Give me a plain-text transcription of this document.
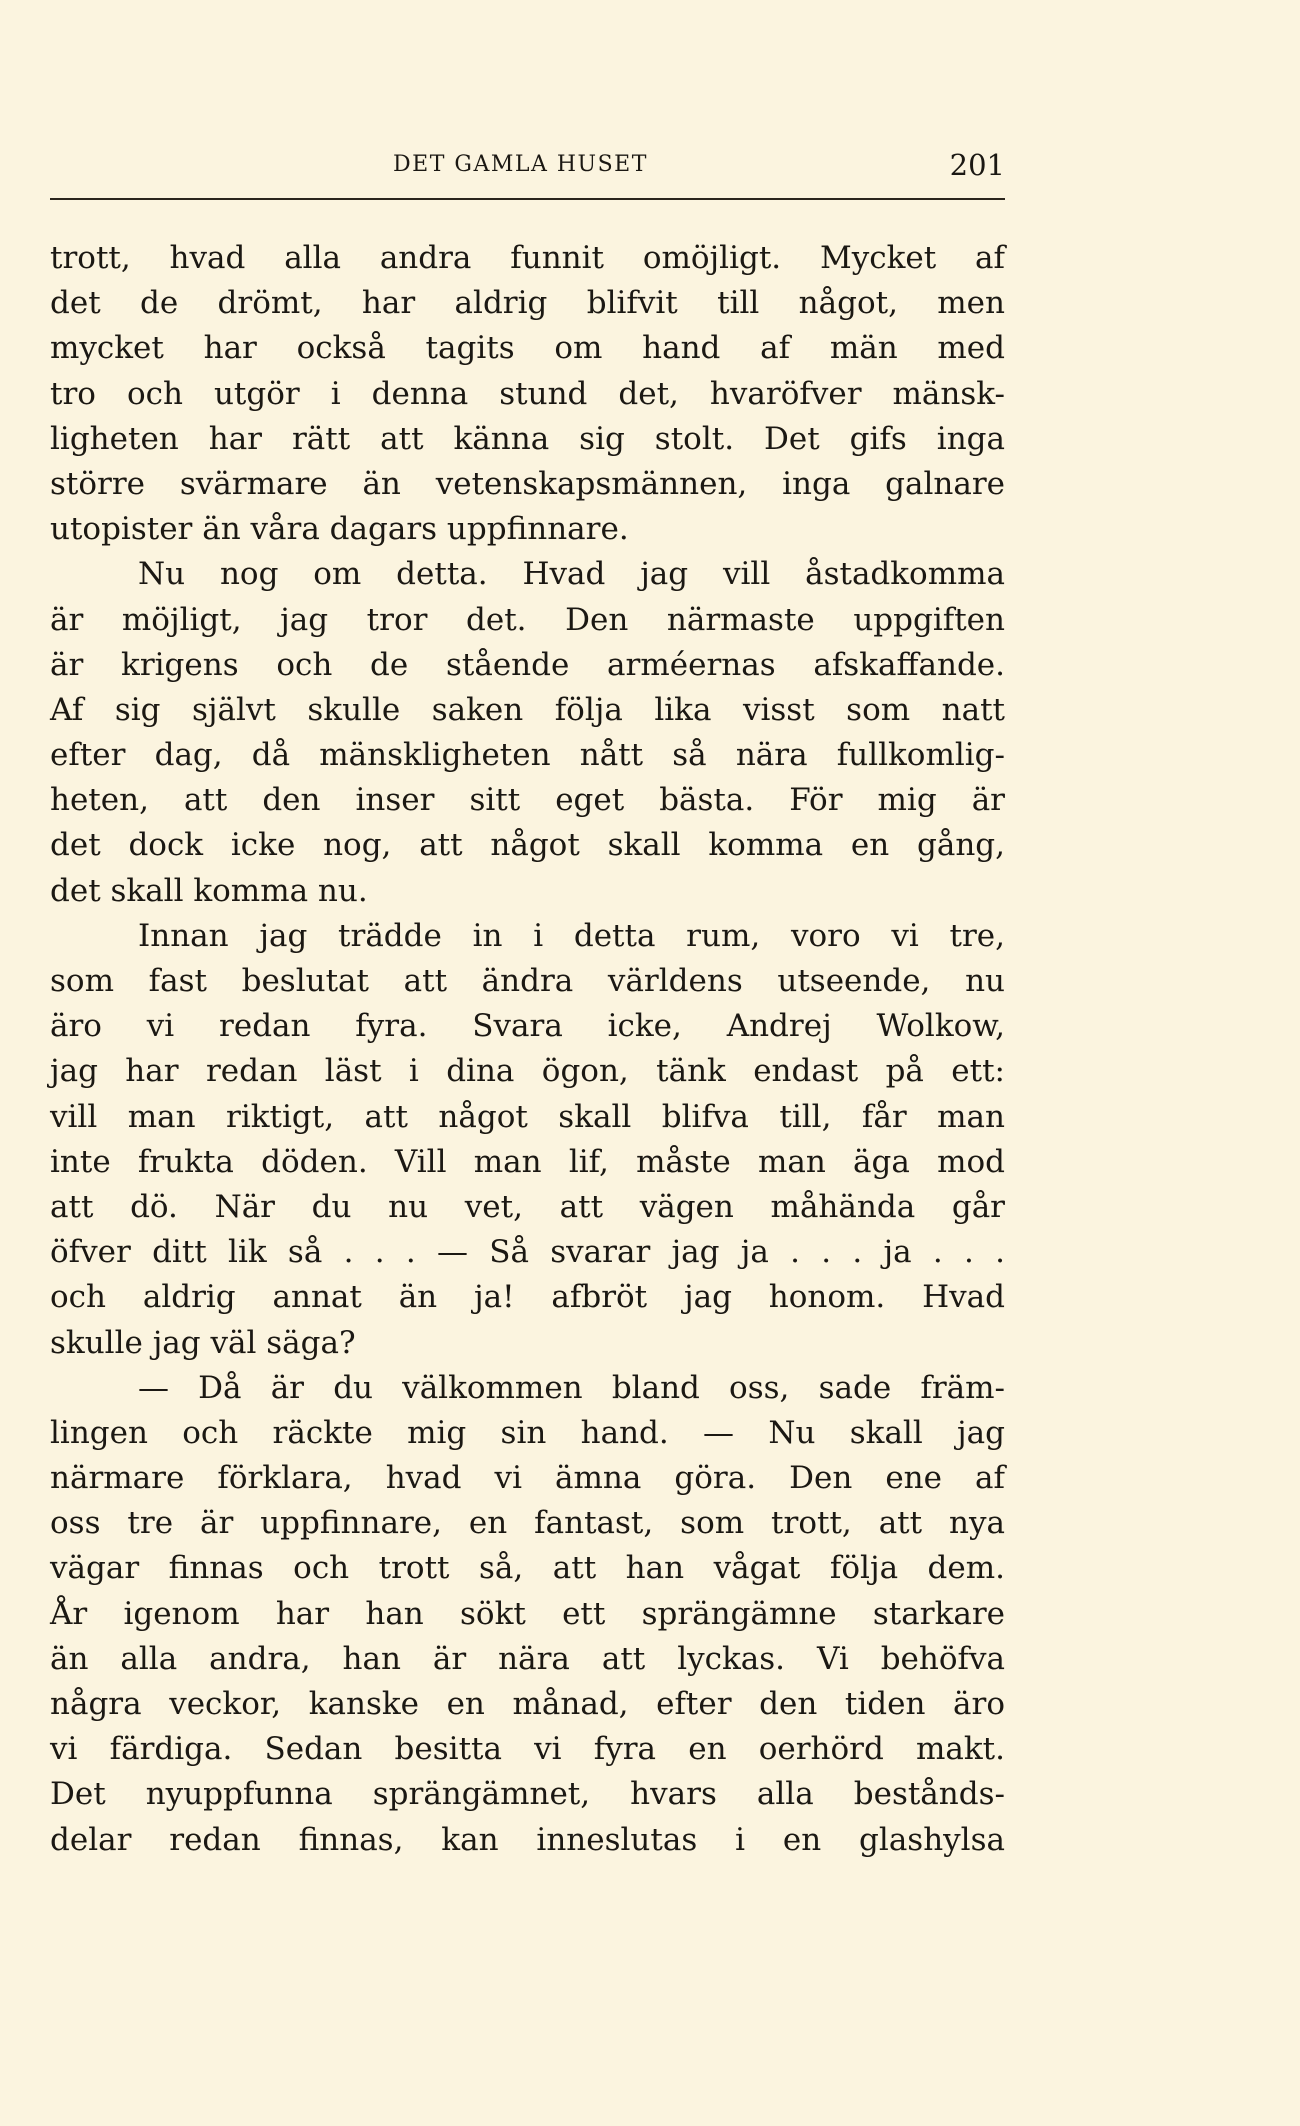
DET GAMLA HUSET	201
trott, hvad alla andra funnit omöjligt. Mycket af
det de drömt, har aldrig blifvit till något, men
mycket har också tagits om hand af män med
tro och utgör i denna stund det, hvaröfver mänsk-
ligheten har rätt att känna sig stolt. Det gifs inga
större svärmare än vetenskapsmännen, inga galnare
utopister än våra dagars uppfinnare.
Nu nog om detta. Hvad jag vill åstadkomma
är möjligt, jag tror det. Den närmaste uppgiften
är krigens och de stående arméernas afskaffande.
Af sig självt skulle saken följa lika visst som natt
efter dag, då mänskligheten nått så nära fullkomlig-
heten, att den inser sitt eget bästa. För mig är
det dock icke nog, att något skall komma en gång,
det skall komma nu.
Innan jag trädde in i detta rum, voro vi tre,
som fast beslutat att ändra världens utseende, nu
äro vi redan fyra. Svara icke, Andrej Wolkow,
jag har redan läst i dina ögon, tänk endast på ett:
vill man riktigt, att något skall blifva till, får man
inte frukta döden. Vill man lif, måste man äga mod
att dö. När du nu vet, att vägen måhända går
öfver ditt lik så . . . — Så svarar jag ja . . . ja . . .
och aldrig annat än ja! afbröt jag honom. Hvad
skulle jag väl säga?
— Då är du välkommen bland oss, sade främ-
lingen och räckte mig sin hand. — Nu skall jag
närmare förklara, hvad vi ämna göra. Den ene af
oss tre är uppfinnare, en fantast, som trott, att nya
vägar finnas och trott så, att han vågat följa dem.
År igenom har han sökt ett sprängämne starkare
än alla andra, han är nära att lyckas. Vi behöfva
några veckor, kanske en månad, efter den tiden äro
vi färdiga. Sedan besitta vi fyra en oerhörd makt.
Det nyuppfunna sprängämnet, hvars alla bestånds-
delar redan finnas, kan inneslutas i en glashylsa
